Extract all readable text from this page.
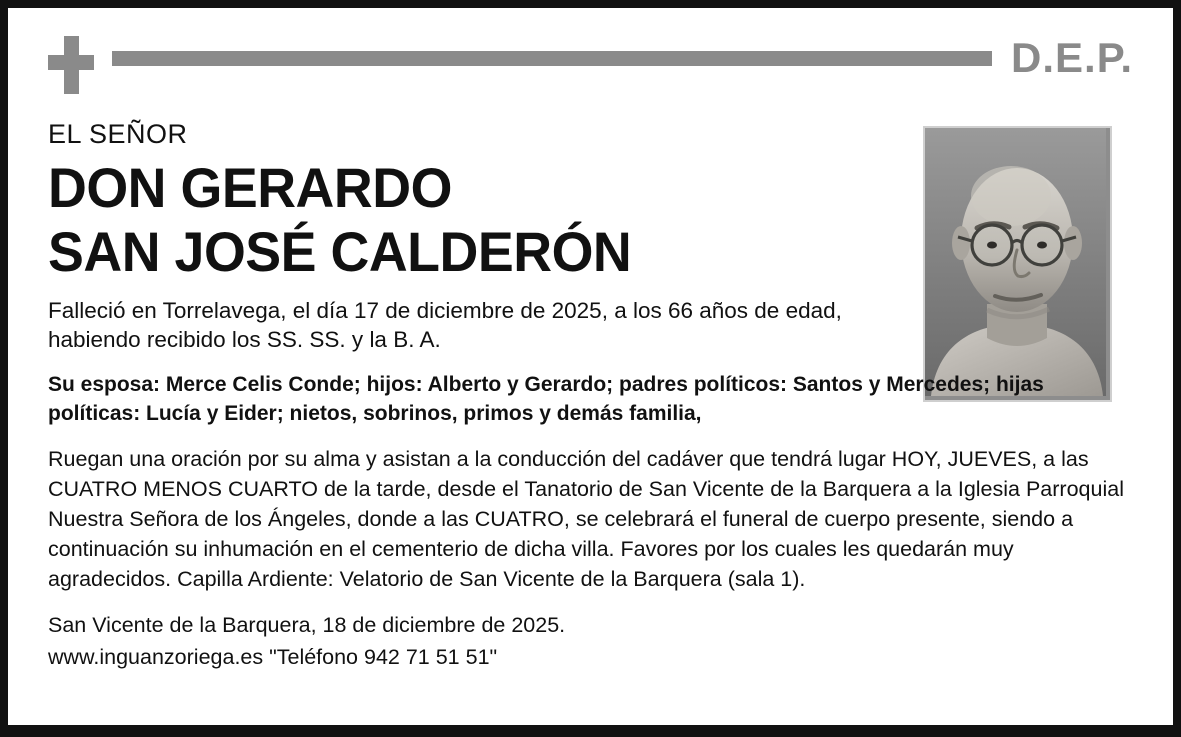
D.E.P.

EL SEÑOR

DON GERARDO
SAN JOSÉ CALDERÓN

Falleció en Torrelavega, el día 17 de diciembre de 2025, a los 66 años de edad, habiendo recibido los SS. SS. y la B. A.

Su esposa: Merce Celis Conde; hijos: Alberto y Gerardo; padres políticos: Santos y Mercedes; hijas políticas: Lucía y Eider; nietos, sobrinos, primos y demás familia,

Ruegan una oración por su alma y asistan a la conducción del cadáver que tendrá lugar HOY, JUEVES, a las CUATRO MENOS CUARTO de la tarde, desde el Tanatorio de San Vicente de la Barquera a la Iglesia Parroquial Nuestra Señora de los Ángeles, donde a las CUATRO, se celebrará el funeral de cuerpo presente, siendo a continuación su inhumación en el cementerio de dicha villa. Favores por los cuales les quedarán muy agradecidos. Capilla Ardiente: Velatorio de San Vicente de la Barquera (sala 1).

San Vicente de la Barquera, 18 de diciembre de 2025.

www.inguanzoriega.es "Teléfono 942 71 51 51"
